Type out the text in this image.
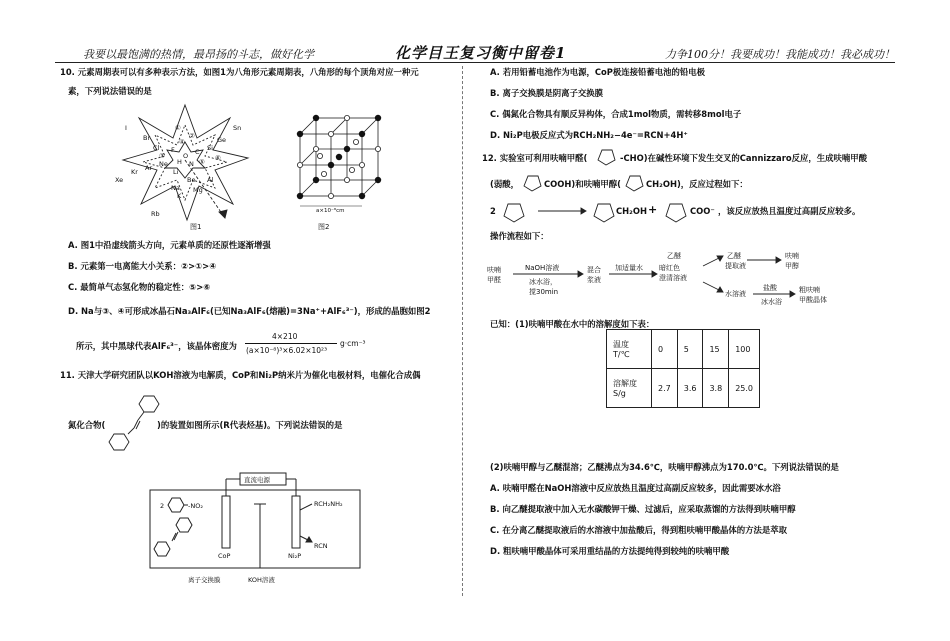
我要以最饱满的热情，最昂扬的斗志，做好化学	化学目王复习衡中留卷1	力争100分！我要成功！我能成功！我必成功！
10. 元素周期表可以有多种表示方法，如图1为八角形元素周期表，八角形的每个顶角对应一种元
素，下列说法错误的是
I
Br
Cl F
Sn
Ge
Si
C
Xe
Kr Ar Ne
Na
K
Mg
Rb
①
②
③
④
⑤ ⑥
O
N
H
Li
Al
Be
图1
a×10⁻⁸cm
图2
A. 图1中沿虚线箭头方向，元素单质的还原性逐渐增强
B. 元素第一电离能大小关系：②>①>④
C. 最简单气态氢化物的稳定性：⑤>⑥
D. Na与③、④可形成冰晶石Na₃AlF₆(已知Na₃AlF₆(熔融)=3Na⁺+AlF₆³⁻)，形成的晶胞如图2
所示，其中黑球代表AlF₆³⁻，该晶体密度为
4×210
(a×10⁻⁸)³×6.02×10²³
g·cm⁻³
11. 天津大学研究团队以KOH溶液为电解质，CoP和Ni₂P纳米片为催化电极材料，电催化合成偶
氮化合物(	)的装置如图所示(R代表烃基)。下列说法错误的是
直流电源
2	-NO₂	RCH₂NH₂
RCN
CoP	Ni₂P
离子交换膜	KOH溶液
A. 若用铅蓄电池作为电源，CoP极连接铅蓄电池的铅电极
B. 离子交换膜是阴离子交换膜
C. 偶氮化合物具有顺反异构体，合成1mol物质，需转移8mol电子
D. Ni₂P电极反应式为RCH₂NH₂−4e⁻=RCN+4H⁺
12. 实验室可利用呋喃甲醛(	-CHO)在碱性环境下发生交叉的Cannizzaro反应，生成呋喃甲酸
(弱酸，	COOH)和呋喃甲醇(	CH₂OH)，反应过程如下：
2	CH₂OH +	COO⁻ ，该反应放热且温度过高副反应较多。
操作流程如下：
呋喃
甲醛
NaOH溶液
冰水浴，
搅30min
混合
浆液
加适量水
乙醚
暗红色
澄清溶液
乙醚
提取液
呋喃
甲醇
水溶液
盐酸
冰水浴
粗呋喃
甲酸晶体
已知：(1)呋喃甲酸在水中的溶解度如下表：
温度
T/℃	0	5	15	100
溶解度
S/g	2.7	3.6	3.8	25.0
(2)呋喃甲醇与乙醚混溶；乙醚沸点为34.6℃，呋喃甲醇沸点为170.0℃。下列说法错误的是
A. 呋喃甲醛在NaOH溶液中反应放热且温度过高副反应较多，因此需要冰水浴
B. 向乙醚提取液中加入无水碳酸钾干燥、过滤后，应采取蒸馏的方法得到呋喃甲醇
C. 在分离乙醚提取液后的水溶液中加盐酸后，得到粗呋喃甲酸晶体的方法是萃取
D. 粗呋喃甲酸晶体可采用重结晶的方法提纯得到较纯的呋喃甲酸
